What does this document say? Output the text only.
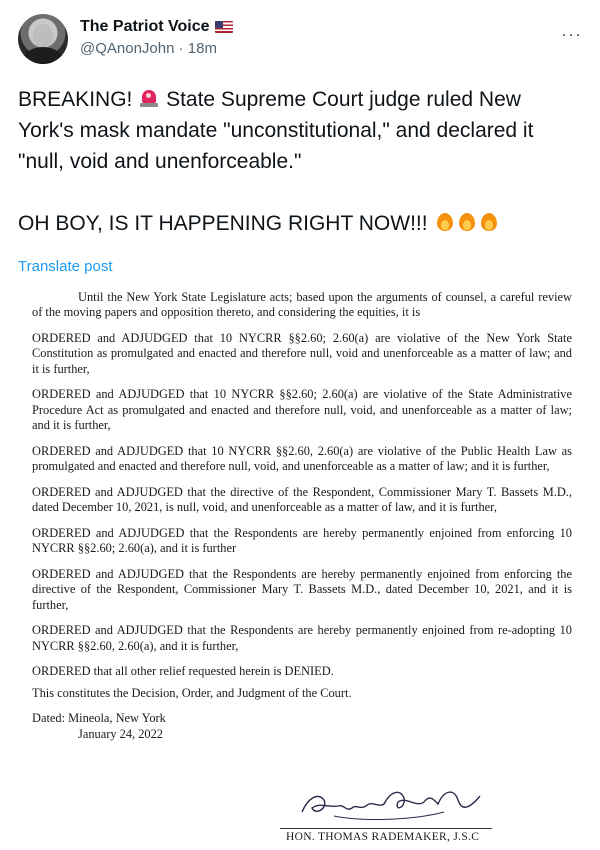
The Patriot Voice
@QAnonJohn · 18m
···

BREAKING! State Supreme Court judge ruled New York's mask mandate "unconstitutional," and declared it "null, void and unenforceable."

OH BOY, IS IT HAPPENING RIGHT NOW!!!

Translate post

Until the New York State Legislature acts; based upon the arguments of counsel, a careful review of the moving papers and opposition thereto, and considering the equities, it is

ORDERED and ADJUDGED that 10 NYCRR §§2.60; 2.60(a) are violative of the New York State Constitution as promulgated and enacted and therefore null, void and unenforceable as a matter of law; and it is further,

ORDERED and ADJUDGED that 10 NYCRR §§2.60; 2.60(a) are violative of the State Administrative Procedure Act as promulgated and enacted and therefore null, void, and unenforceable as a matter of law; and it is further,

ORDERED and ADJUDGED that 10 NYCRR §§2.60, 2.60(a) are violative of the Public Health Law as promulgated and enacted and therefore null, void, and unenforceable as a matter of law; and it is further,

ORDERED and ADJUDGED that the directive of the Respondent, Commissioner Mary T. Bassets M.D., dated December 10, 2021, is null, void, and unenforceable as a matter of law, and it is further,

ORDERED and ADJUDGED that the Respondents are hereby permanently enjoined from enforcing 10 NYCRR §§2.60; 2.60(a), and it is further

ORDERED and ADJUDGED that the Respondents are hereby permanently enjoined from enforcing the directive of the Respondent, Commissioner Mary T. Bassets M.D., dated December 10, 2021, and it is further,

ORDERED and ADJUDGED that the Respondents are hereby permanently enjoined from re-adopting 10 NYCRR §§2.60, 2.60(a), and it is further,

ORDERED that all other relief requested herein is DENIED.

This constitutes the Decision, Order, and Judgment of the Court.

Dated: Mineola, New York
January 24, 2022
HON. THOMAS RADEMAKER, J.S.C
